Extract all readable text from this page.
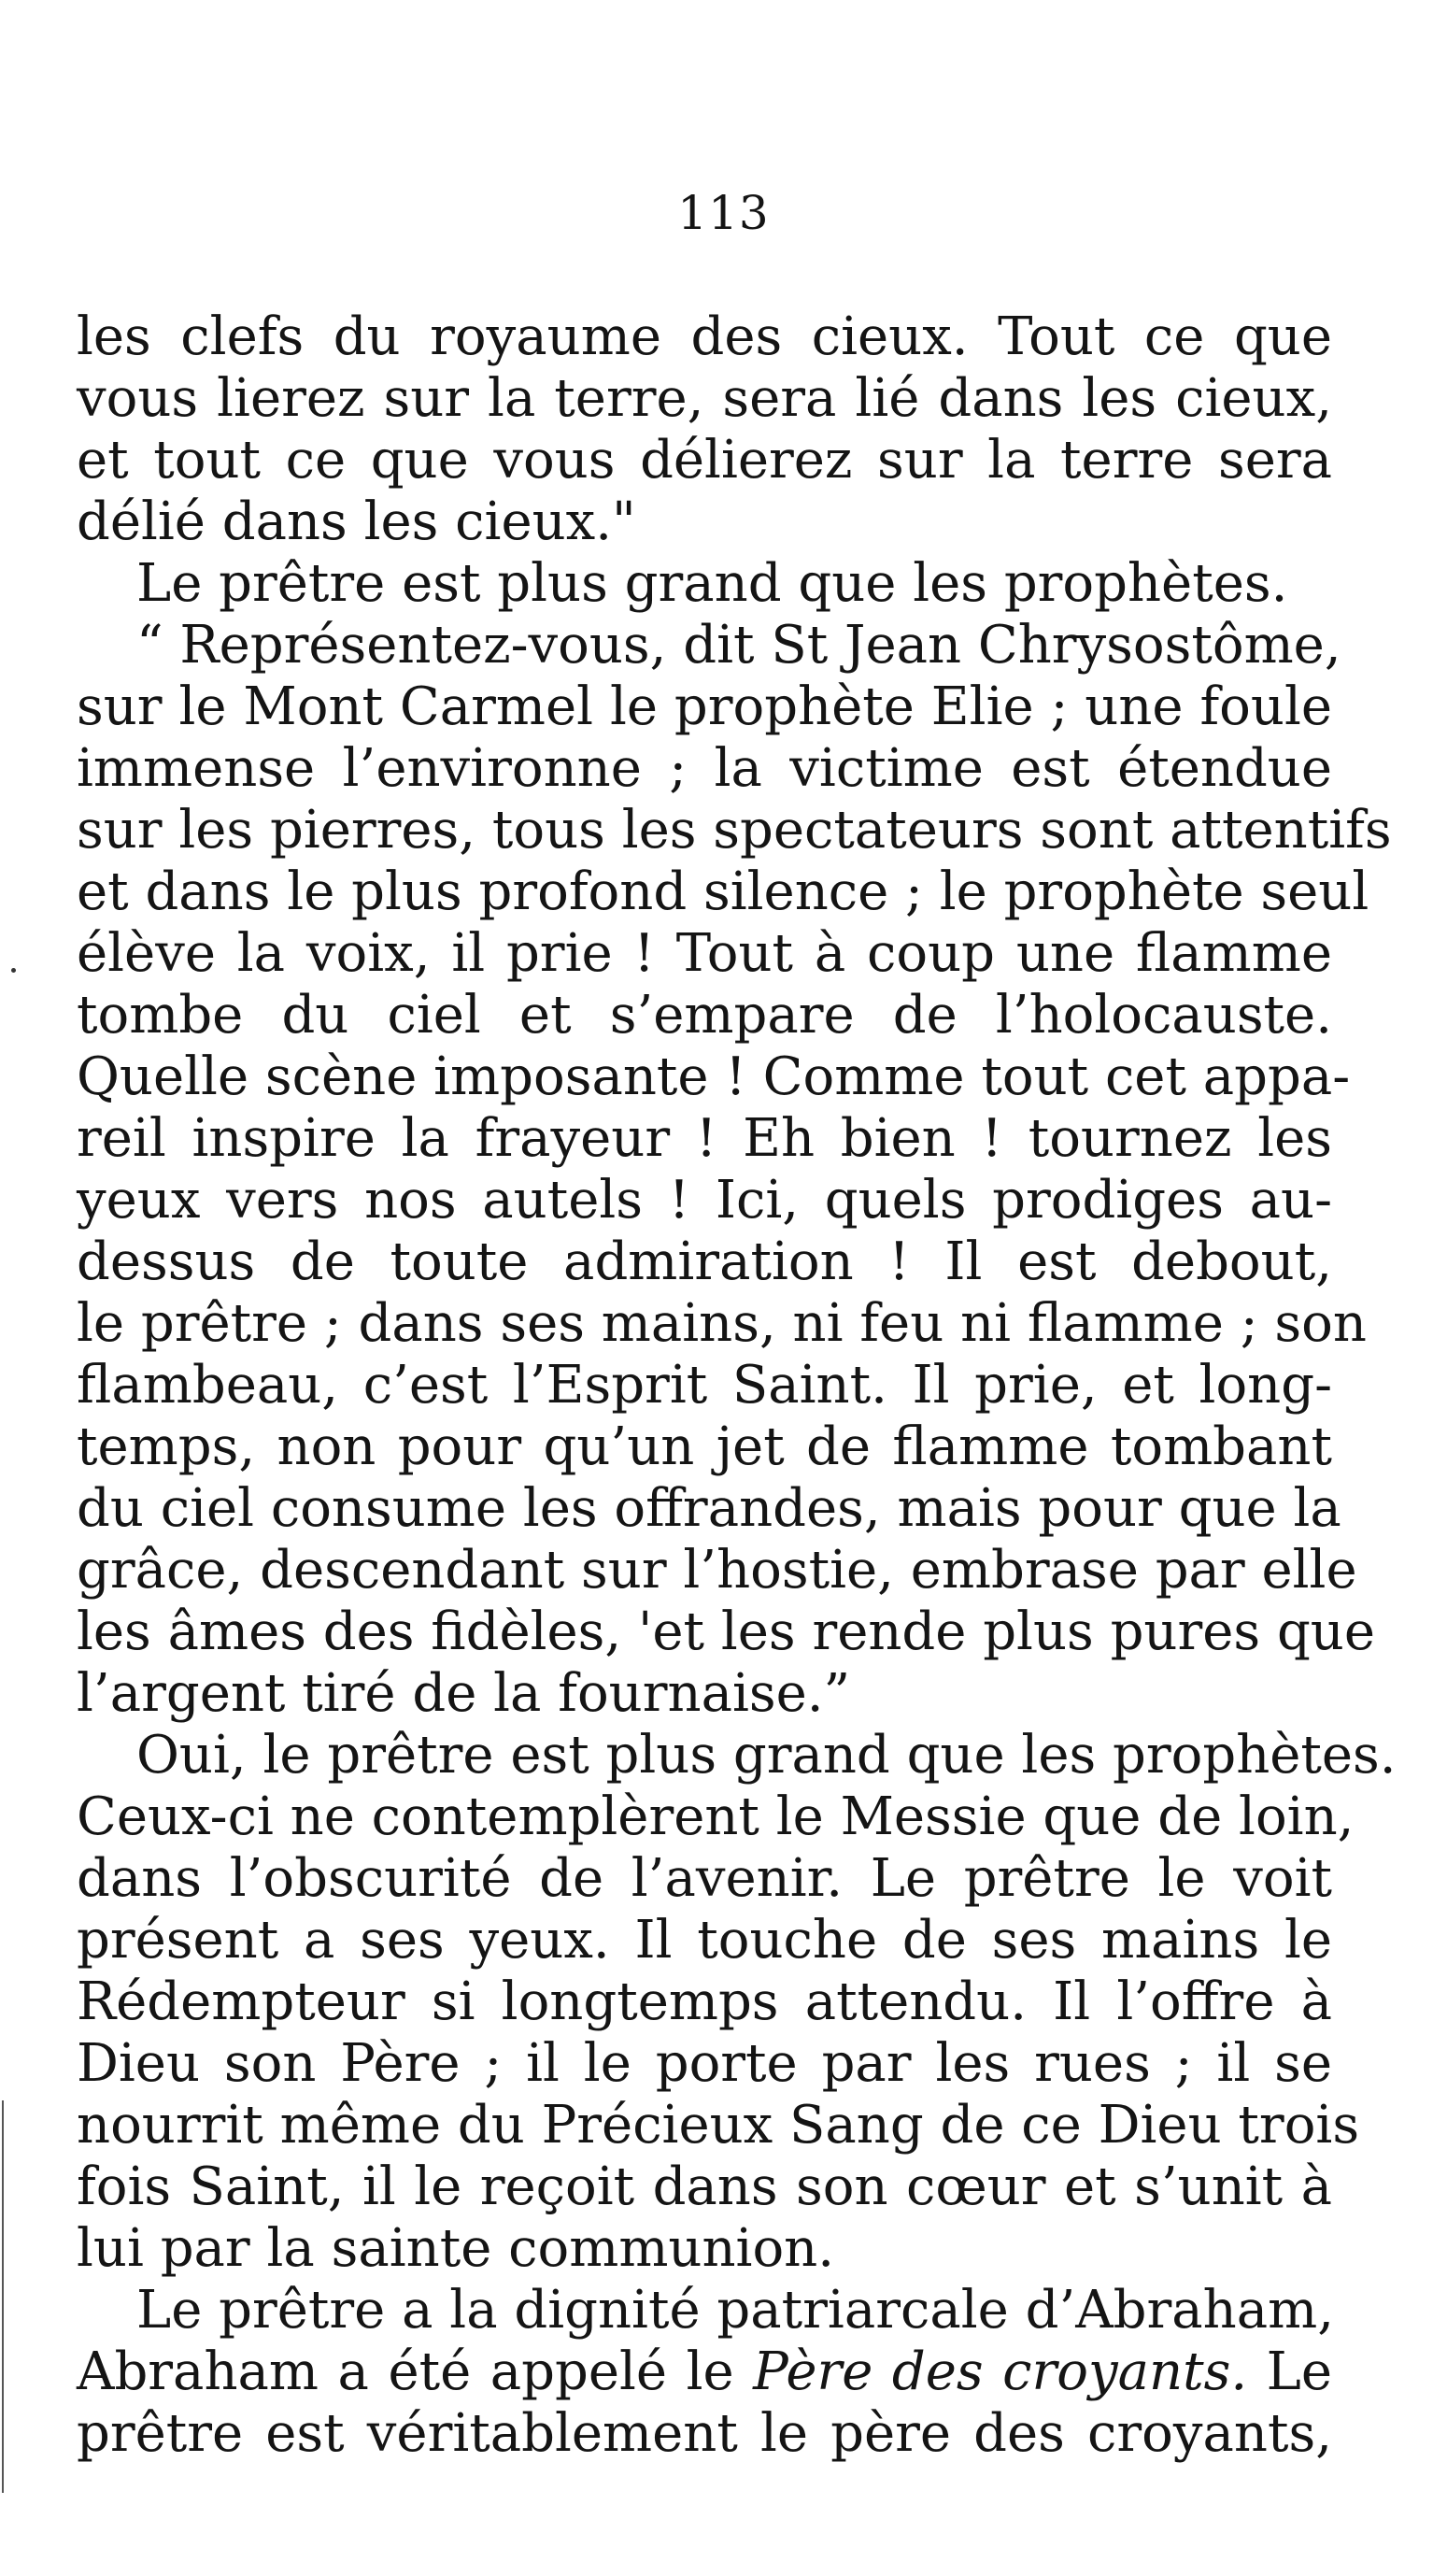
113
les clefs du royaume des cieux. Tout ce que
vous lierez sur la terre, sera lié dans les cieux,
et tout ce que vous délierez sur la terre sera
délié dans les cieux."
Le prêtre est plus grand que les prophètes.
“ Représentez-vous, dit St Jean Chrysostôme,
sur le Mont Carmel le prophète Elie ; une foule
immense l’environne ; la victime est étendue
sur les pierres, tous les spectateurs sont attentifs
et dans le plus profond silence ; le prophète seul
élève la voix, il prie ! Tout à coup une flamme
tombe du ciel et s’empare de l’holocauste.
Quelle scène imposante ! Comme tout cet appa-
reil inspire la frayeur ! Eh bien ! tournez les
yeux vers nos autels ! Ici, quels prodiges au-
dessus de toute admiration ! Il est debout,
le prêtre ; dans ses mains, ni feu ni flamme ; son
flambeau, c’est l’Esprit Saint. Il prie, et long-
temps, non pour qu’un jet de flamme tombant
du ciel consume les offrandes, mais pour que la
grâce, descendant sur l’hostie, embrase par elle
les âmes des fidèles, 'et les rende plus pures que
l’argent tiré de la fournaise.”
Oui, le prêtre est plus grand que les prophètes.
Ceux-ci ne contemplèrent le Messie que de loin,
dans l’obscurité de l’avenir. Le prêtre le voit
présent a ses yeux. Il touche de ses mains le
Rédempteur si longtemps attendu. Il l’offre à
Dieu son Père ; il le porte par les rues ; il se
nourrit même du Précieux Sang de ce Dieu trois
fois Saint, il le reçoit dans son cœur et s’unit à
lui par la sainte communion.
Le prêtre a la dignité patriarcale d’Abraham,
Abraham a été appelé le Père des croyants. Le
prêtre est véritablement le père des croyants,
